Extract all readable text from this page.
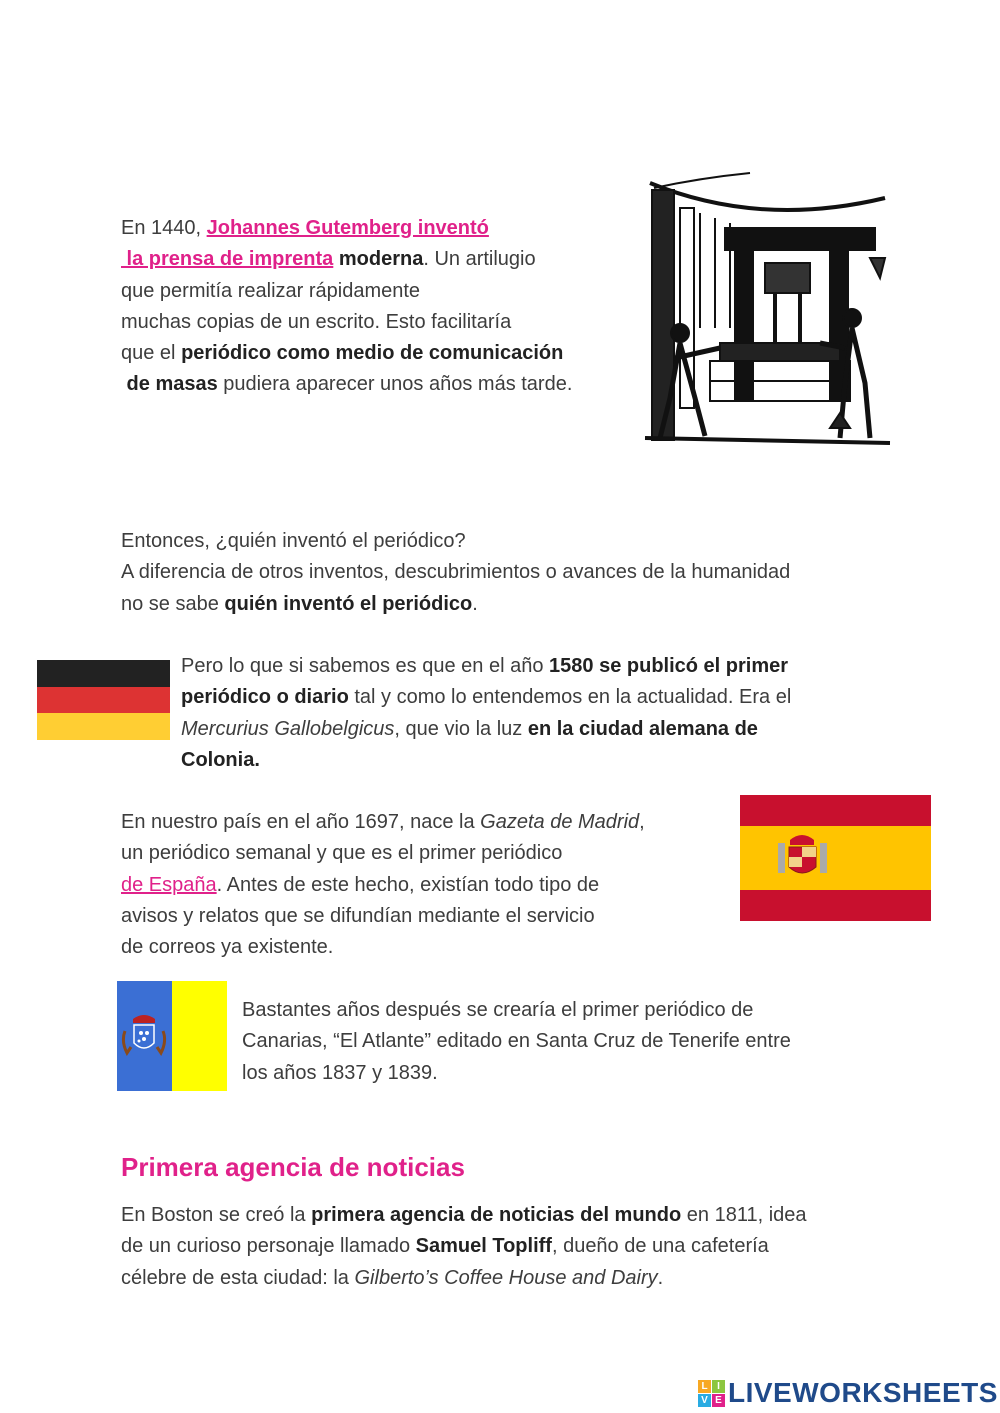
En 1440, Johannes Gutemberg inventó
la prensa de imprenta moderna. Un artilugio
que permitía realizar rápidamente
muchas copias de un escrito. Esto facilitaría
que el periódico como medio de comunicación
de masas pudiera aparecer unos años más tarde.
Entonces, ¿quién inventó el periódico?
A diferencia de otros inventos, descubrimientos o avances de la humanidad
no se sabe quién inventó el periódico.
Pero lo que si sabemos es que en el año 1580 se publicó el primer
periódico o diario tal y como lo entendemos en la actualidad. Era el
Mercurius Gallobelgicus, que vio la luz en la ciudad alemana de
Colonia.
En nuestro país en el año 1697, nace la Gazeta de Madrid,
un periódico semanal y que es el primer periódico
de España. Antes de este hecho, existían todo tipo de
avisos y relatos que se difundían mediante el servicio
de correos ya existente.
Bastantes años después se crearía el primer periódico de
Canarias, “El Atlante” editado en Santa Cruz de Tenerife entre
los años 1837 y 1839.
Primera agencia de noticias
En Boston se creó la primera agencia de noticias del mundo en 1811, idea
de un curioso personaje llamado Samuel Topliff, dueño de una cafetería
célebre de esta ciudad: la Gilberto’s Coffee House and Dairy.
L I
V E LIVEWORKSHEETS
